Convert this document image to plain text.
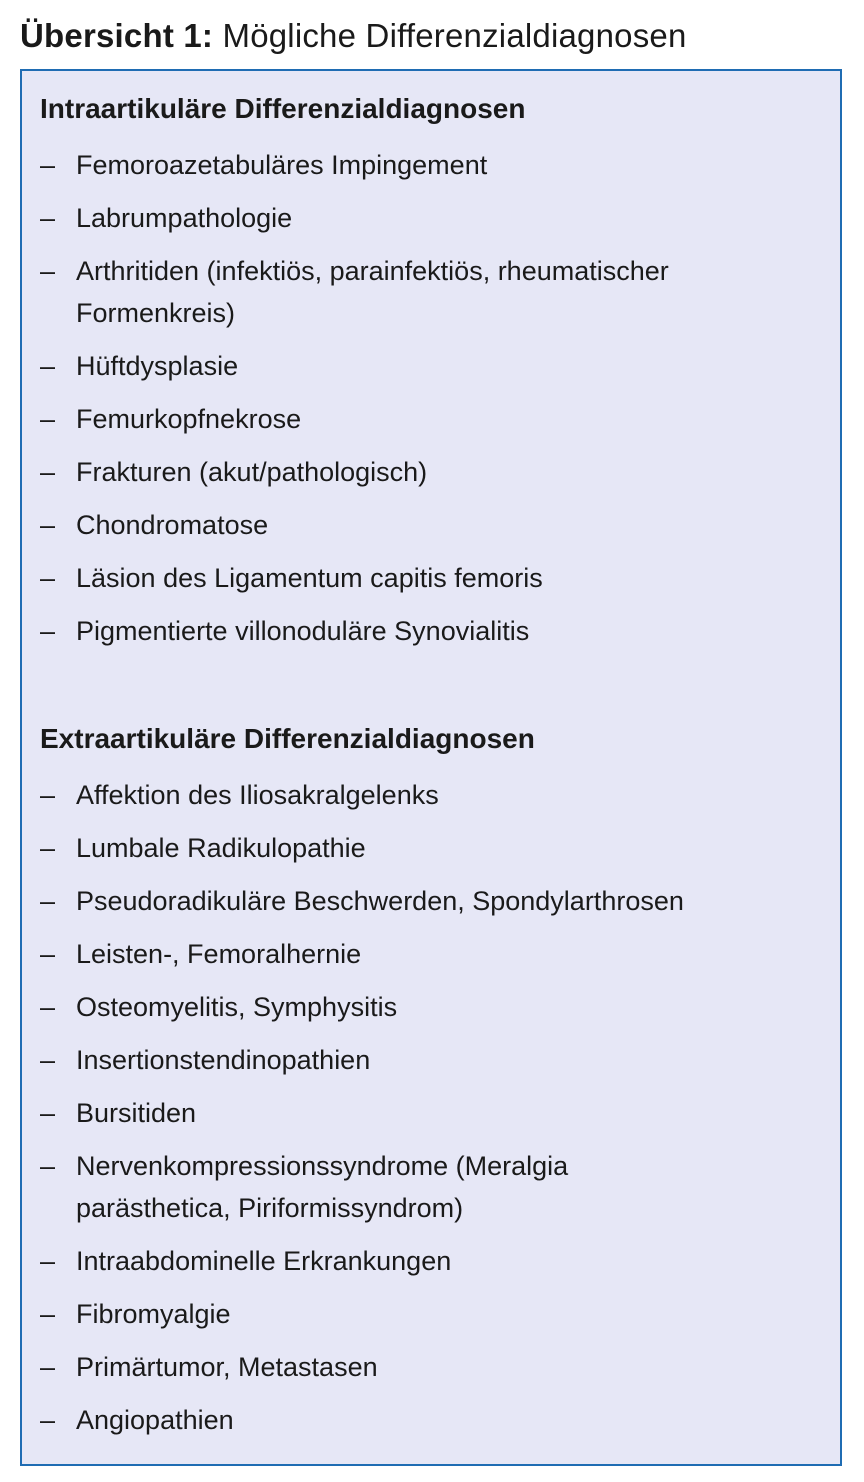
Übersicht 1: Mögliche Differenzialdiagnosen
Intraartikuläre Differenzialdiagnosen
– Femoroazetabuläres Impingement
– Labrumpathologie
– Arthritiden (infektiös, parainfektiös, rheumatischer Formenkreis)
– Hüftdysplasie
– Femurkopfnekrose
– Frakturen (akut/pathologisch)
– Chondromatose
– Läsion des Ligamentum capitis femoris
– Pigmentierte villonoduläre Synovialitis
Extraartikuläre Differenzialdiagnosen
– Affektion des Iliosakralgelenks
– Lumbale Radikulopathie
– Pseudoradikuläre Beschwerden, Spondylarthrosen
– Leisten-, Femoralhernie
– Osteomyelitis, Symphysitis
– Insertionstendinopathien
– Bursitiden
– Nervenkompressionssyndrome (Meralgia parästhetica, Piriformissyndrom)
– Intraabdominelle Erkrankungen
– Fibromyalgie
– Primärtumor, Metastasen
– Angiopathien
